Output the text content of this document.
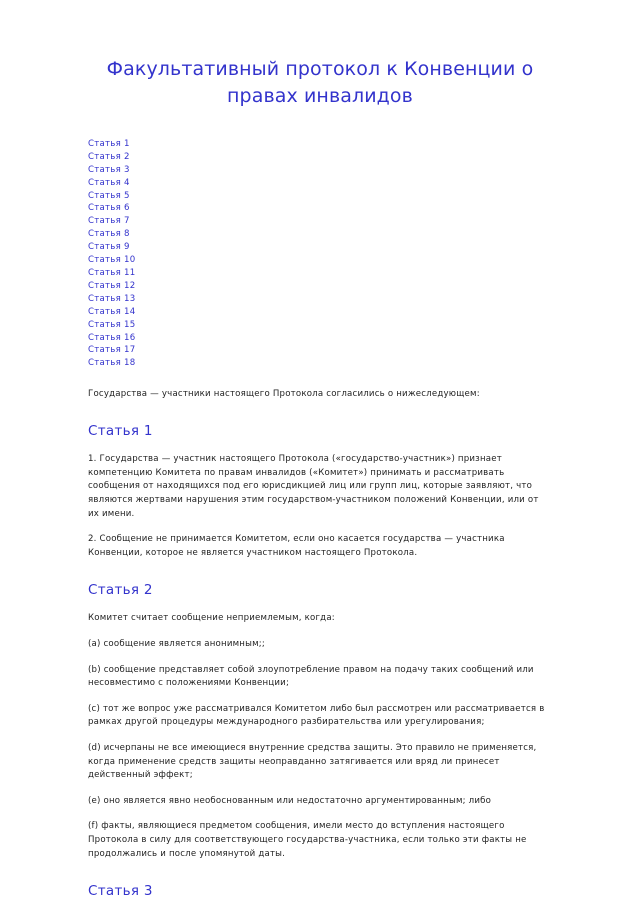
Факультативный протокол к Конвенции о правах инвалидов
Статья 1
Статья 2
Статья 3
Статья 4
Статья 5
Статья 6
Статья 7
Статья 8
Статья 9
Статья 10
Статья 11
Статья 12
Статья 13
Статья 14
Статья 15
Статья 16
Статья 17
Статья 18

Государства — участники настоящего Протокола согласились о нижеследующем:

Статья 1

1. Государства — участник настоящего Протокола («государство-участник») признает компетенцию Комитета по правам инвалидов («Комитет») принимать и рассматривать сообщения от находящихся под его юрисдикцией лиц или групп лиц, которые заявляют, что являются жертвами нарушения этим государством-участником положений Конвенции, или от их имени.

2. Сообщение не принимается Комитетом, если оно касается государства — участника Конвенции, которое не является участником настоящего Протокола.

Статья 2

Комитет считает сообщение неприемлемым, когда:

(a) сообщение является анонимным;;

(b) сообщение представляет собой злоупотребление правом на подачу таких сообщений или несовместимо с положениями Конвенции;

(c) тот же вопрос уже рассматривался Комитетом либо был рассмотрен или рассматривается в рамках другой процедуры международного разбирательства или урегулирования;

(d) исчерпаны не все имеющиеся внутренние средства защиты. Это правило не применяется, когда применение средств защиты неоправданно затягивается или вряд ли принесет действенный эффект;

(e) оно является явно необоснованным или недостаточно аргументированным; либо

(f) факты, являющиеся предметом сообщения, имели место до вступления настоящего Протокола в силу для соответствующего государства-участника, если только эти факты не продолжались и после упомянутой даты.

Статья 3
